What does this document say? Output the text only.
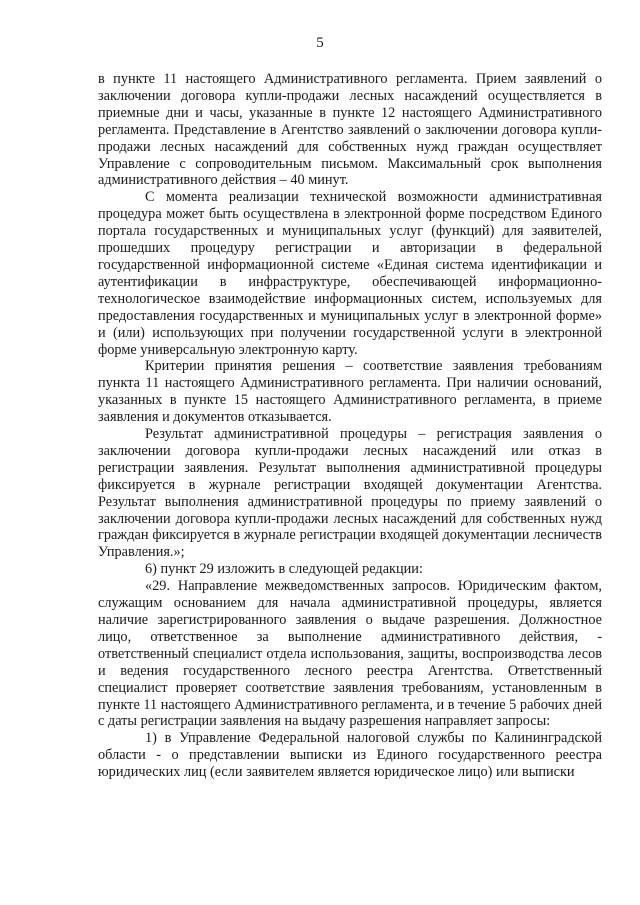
5

в пункте 11 настоящего Административного регламента. Прием заявлений о заключении договора купли-продажи лесных насаждений осуществляется в приемные дни и часы, указанные в пункте 12 настоящего Административного регламента. Представление в Агентство заявлений о заключении договора купли-продажи лесных насаждений для собственных нужд граждан осуществляет Управление с сопроводительным письмом. Максимальный срок выполнения административного действия – 40 минут.

С момента реализации технической возможности административная процедура может быть осуществлена в электронной форме посредством Единого портала государственных и муниципальных услуг (функций) для заявителей, прошедших процедуру регистрации и авторизации в федеральной государственной информационной системе «Единая система идентификации и аутентификации в инфраструктуре, обеспечивающей информационно-технологическое взаимодействие информационных систем, используемых для предоставления государственных и муниципальных услуг в электронной форме» и (или) использующих при получении государственной услуги в электронной форме универсальную электронную карту.

Критерии принятия решения – соответствие заявления требованиям пункта 11 настоящего Административного регламента. При наличии оснований, указанных в пункте 15 настоящего Административного регламента, в приеме заявления и документов отказывается.

Результат административной процедуры – регистрация заявления о заключении договора купли-продажи лесных насаждений или отказ в регистрации заявления. Результат выполнения административной процедуры фиксируется в журнале регистрации входящей документации Агентства. Результат выполнения административной процедуры по приему заявлений о заключении договора купли-продажи лесных насаждений для собственных нужд граждан фиксируется в журнале регистрации входящей документации лесничеств Управления.»;

6) пункт 29 изложить в следующей редакции:

«29. Направление межведомственных запросов. Юридическим фактом, служащим основанием для начала административной процедуры, является наличие зарегистрированного заявления о выдаче разрешения. Должностное лицо, ответственное за выполнение административного действия, - ответственный специалист отдела использования, защиты, воспроизводства лесов и ведения государственного лесного реестра Агентства. Ответственный специалист проверяет соответствие заявления требованиям, установленным в пункте 11 настоящего Административного регламента, и в течение 5 рабочих дней с даты регистрации заявления на выдачу разрешения направляет запросы:

1) в Управление Федеральной налоговой службы по Калининградской области - о представлении выписки из Единого государственного реестра юридических лиц (если заявителем является юридическое лицо) или выписки
